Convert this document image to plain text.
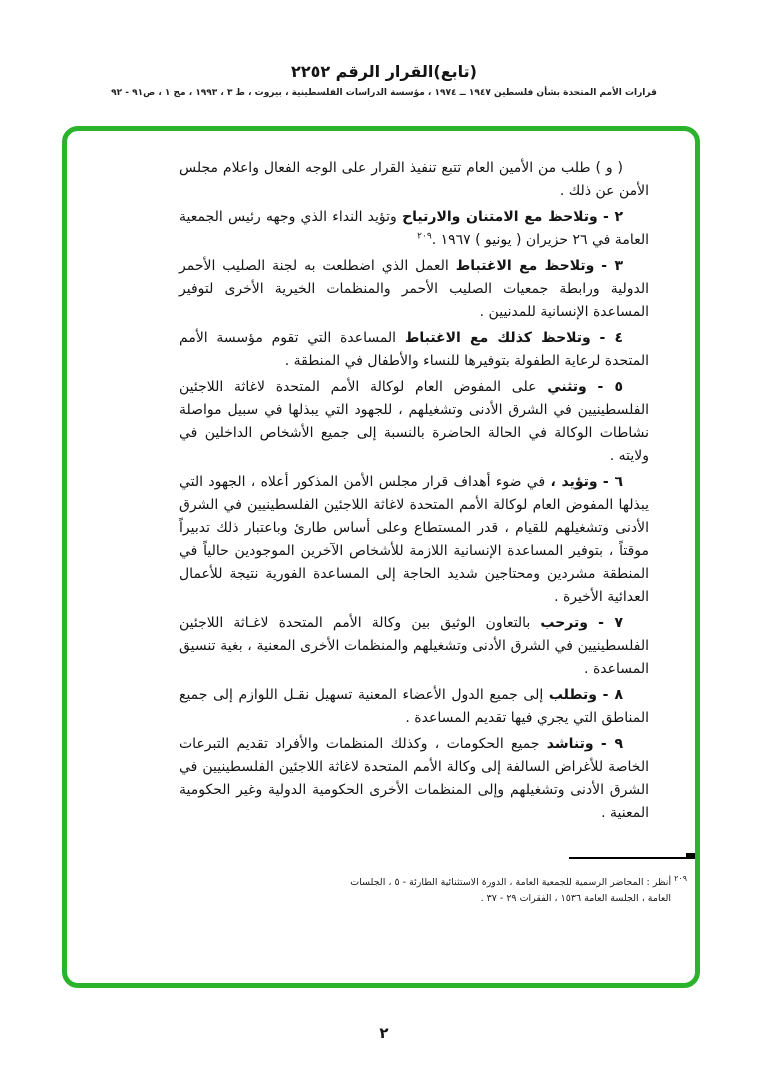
(تابع)القرار الرقم ٢٢٥٢
قرارات الأمم المتحدة بشأن فلسطين ١٩٤٧ ــ ١٩٧٤ ، مؤسسة الدراسات الفلسطينية ، بيروت ، ط ٣ ، ١٩٩٣ ، مج ١ ، ص٩١ - ٩٢

( و ) طلب من الأمين العام تتبع تنفيذ القرار على الوجه الفعال واعلام مجلس الأمن عن ذلك .

٢ - وتلاحظ مع الامتنان والارتياح وتؤيد النداء الذي وجهه رئيس الجمعية العامة في ٢٦ حزيران ( يونيو ) ١٩٦٧ .$^{٢٠٩}$

٣ - وتلاحظ مع الاغتباط العمل الذي اضطلعت به لجنة الصليب الأحمر الدولية ورابطة جمعيات الصليب الأحمر والمنظمات الخيرية الأخرى لتوفير المساعدة الإنسانية للمدنيين .

٤ - وتلاحظ كذلك مع الاغتباط المساعدة التي تقوم مؤسسة الأمم المتحدة لرعاية الطفولة بتوفيرها للنساء والأطفال في المنطقة .

٥ - وتثني على المفوض العام لوكالة الأمم المتحدة لاغاثة اللاجئين الفلسطينيين في الشرق الأدنى وتشغيلهم ، للجهود التي يبذلها في سبيل مواصلة نشاطات الوكالة في الحالة الحاضرة بالنسبة إلى جميع الأشخاص الداخلين في ولايته .

٦ - وتؤيد ، في ضوء أهداف قرار مجلس الأمن المذكور أعلاه ، الجهود التي يبذلها المفوض العام لوكالة الأمم المتحدة لاغاثة اللاجئين الفلسطينيين في الشرق الأدنى وتشغيلهم للقيام ، قدر المستطاع وعلى أساس طارئ وباعتبار ذلك تدبيراً موقتاً ، بتوفير المساعدة الإنسانية اللازمة للأشخاص الآخرين الموجودين حالياً في المنطقة مشردين ومحتاجين شديد الحاجة إلى المساعدة الفورية نتيجة للأعمال العدائية الأخيرة .

٧ - وترحب بالتعاون الوثيق بين وكالة الأمم المتحدة لاغـاثة اللاجئين الفلسطينيين في الشرق الأدنى وتشغيلهم والمنظمات الأخرى المعنية ، بغية تنسيق المساعدة .

٨ - وتطلب إلى جميع الدول الأعضاء المعنية تسهيل نقـل اللوازم إلى جميع المناطق التي يجري فيها تقديم المساعدة .

٩ - وتناشد جميع الحكومات ، وكذلك المنظمات والأفراد تقديم التبرعات الخاصة للأغراض السالفة إلى وكالة الأمم المتحدة لاغاثة اللاجئين الفلسطينيين في الشرق الأدنى وتشغيلهم وإلى المنظمات الأخرى الحكومية الدولية وغير الحكومية المعنية .

$^{٢٠٩}$ أنظر : المحاضر الرسمية للجمعية العامة ، الدورة الاستثنائية الطارئة - ٥ ، الجلسات
العامة ، الجلسة العامة ١٥٣٦ ، الفقرات ٢٩ - ٣٧ .
٢
